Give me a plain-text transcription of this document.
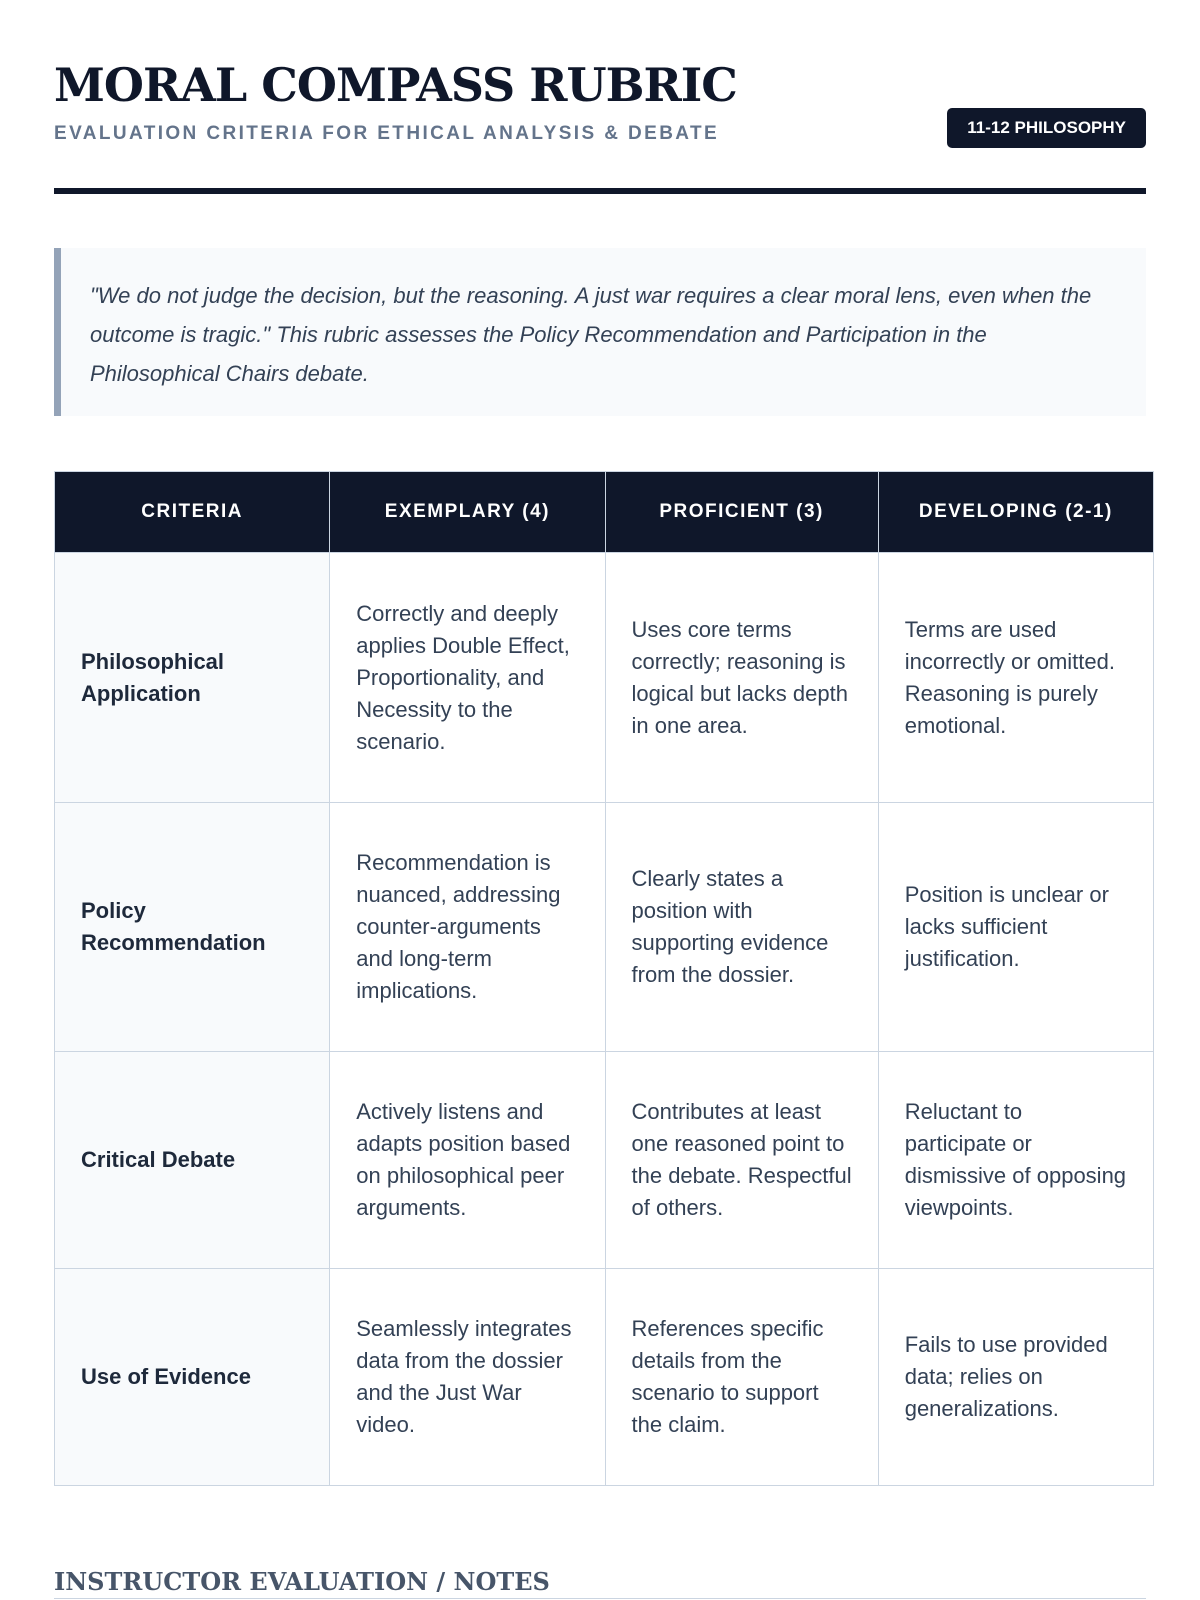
MORAL COMPASS RUBRIC
EVALUATION CRITERIA FOR ETHICAL ANALYSIS & DEBATE	11-12 PHILOSOPHY

"We do not judge the decision, but the reasoning. A just war requires a clear moral lens, even when the outcome is tragic." This rubric assesses the Policy Recommendation and Participation in the Philosophical Chairs debate.

CRITERIA	EXEMPLARY (4)	PROFICIENT (3)	DEVELOPING (2-1)
Philosophical Application	Correctly and deeply applies Double Effect, Proportionality, and Necessity to the scenario.	Uses core terms correctly; reasoning is logical but lacks depth in one area.	Terms are used incorrectly or omitted. Reasoning is purely emotional.
Policy Recommendation	Recommendation is nuanced, addressing counter-arguments and long-term implications.	Clearly states a position with supporting evidence from the dossier.	Position is unclear or lacks sufficient justification.
Critical Debate	Actively listens and adapts position based on philosophical peer arguments.	Contributes at least one reasoned point to the debate. Respectful of others.	Reluctant to participate or dismissive of opposing viewpoints.
Use of Evidence	Seamlessly integrates data from the dossier and the Just War video.	References specific details from the scenario to support the claim.	Fails to use provided data; relies on generalizations.
INSTRUCTOR EVALUATION / NOTES
